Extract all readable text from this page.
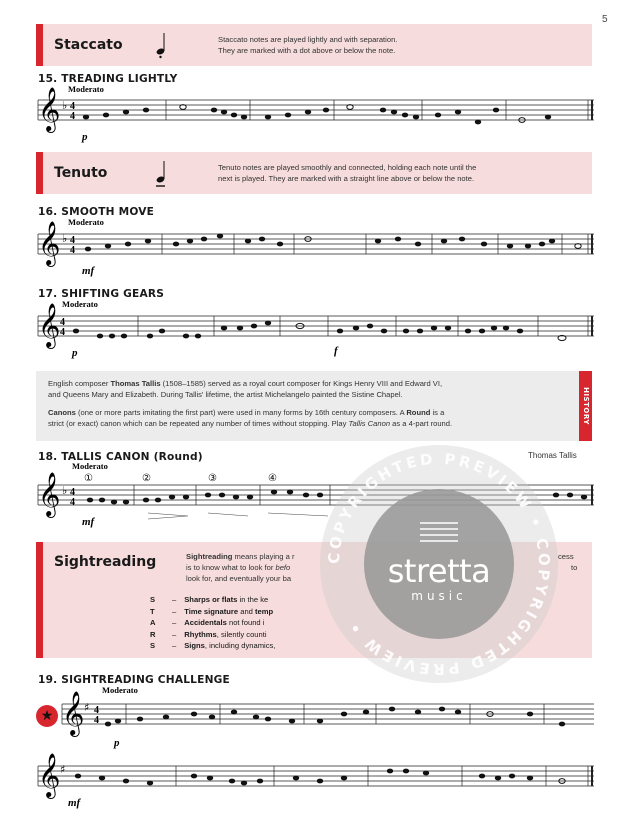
5
Staccato	Staccato notes are played lightly and with separation.
They are marked with a dot above or below the note.
15. TREADING LIGHTLY
Moderato
𝄞 ♭ 4
4
p
Tenuto	Tenuto notes are played smoothly and connected, holding each note until the
next is played. They are marked with a straight line above or below the note.
16. SMOOTH MOVE
Moderato
𝄞 ♭ 4
4
mf
17. SHIFTING GEARS
Moderato
𝄞 4
4
p	f

English composer Thomas Tallis (1508–1585) served as a royal court composer for Kings Henry VIII and Edward VI,
and Queens Mary and Elizabeth. During Tallis' lifetime, the artist Michelangelo painted the Sistine Chapel.

Canons (one or more parts imitating the first part) were used in many forms by 16th century composers. A Round is a
strict (or exact) canon which can be repeated any number of times without stopping. Play Tallis Canon as a 4-part round.	HISTORY
18. TALLIS CANON (Round)	Thomas Tallis
Moderato
①	②	③	④
𝄞 ♭ 4
4
mf
Sightreading	Sightreading means playing a r	cess
is to know what to look for befo	to
look for, and eventually your ba
S	– Sharps or flats in the ke
T	– Time signature and temp
A	– Accidentals not found i
R	– Rhythms, silently counti
S	– Signs, including dynamics,
19. SIGHTREADING CHALLENGE
★
Moderato
𝄞 ♯ 4
4
p
𝄞 ♯
mf
COPYRIGHTED PREVIEW • COPYRIGHTED PREVIEW •
stretta
music
